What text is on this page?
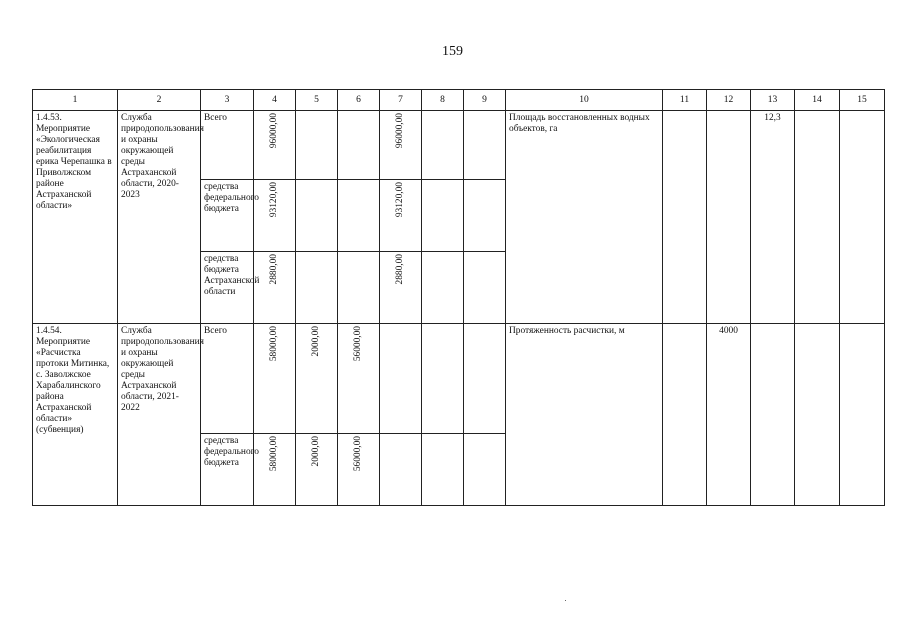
159
1	2	3	4	5	6	7	8	9	10	11	12	13	14	15
1.4.53. Мероприятие «Экологическая реабилитация ерика Черепашка в Приволжском районе Астраханской области»	Служба природопользования и охраны окружающей среды Астраханской области, 2020-2023	Всего	96000,00			96000,00			Площадь восстановленных водных объектов, га			12,3		
		средства федерального бюджета	93120,00			93120,00								
		средства бюджета Астраханской области	2880,00			2880,00								
1.4.54. Мероприятие «Расчистка протоки Митинка, с. Заволжское Харабалинского района Астраханской области» (субвенция)	Служба природопользования и охраны окружающей среды Астраханской области, 2021-2022	Всего	58000,00	2000,00	56000,00				Протяженность расчистки, м		4000			
		средства федерального бюджета	58000,00	2000,00	56000,00									
